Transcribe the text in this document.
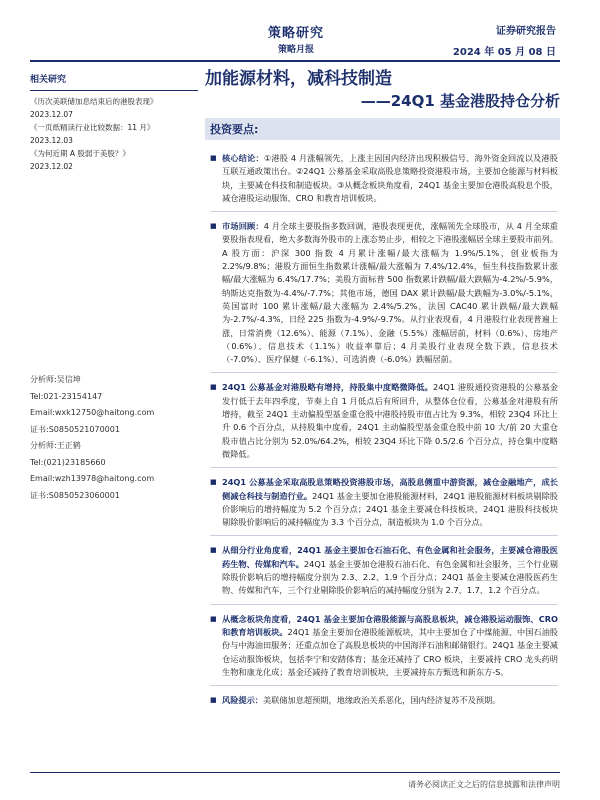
策略研究
策略月报
证券研究报告
2024 年 05 月 08 日
相关研究
《历次美联储加息结束后的港股表现》
2023.12.07
《一页纸精读行业比较数据：11 月》
2023.12.03
《为何近期 A 股弱于美股？》
2023.12.02
分析师:吴信坤
Tel:021-23154147
Email:wxk12750@haitong.com
证书:S0850521070001
分析师:王正鹤
Tel:(021)23185660
Email:wzh13978@haitong.com
证书:S0850523060001
加能源材料，减科技制造
——24Q1 基金港股持仓分析
投资要点:
■ 核心结论：①港股 4 月涨幅领先，上涨主因国内经济出现积极信号、海外资金回流以及港股互联互通政策出台。②24Q1 公募基金采取高股息策略投资港股市场，主要加仓能源与材料板块，主要减仓科技和制造板块。③从概念板块角度看，24Q1 基金主要加仓港股高股息个股，减仓港股运动服饰、CRO 和教育培训板块。
■ 市场回顾：4 月全球主要股指多数回调，港股表现更优，涨幅领先全球股市，从 4 月全球重要股指表现看，绝大多数海外股市的上涨态势止步，相较之下港股涨幅居全球主要股市前列。A 股方面：沪深 300 指数 4 月累计涨幅/最大涨幅为 1.9%/5.1%，创业板指为 2.2%/9.8%；港股方面恒生指数累计涨幅/最大涨幅为 7.4%/12.4%，恒生科技指数累计涨幅/最大涨幅为 6.4%/17.7%；美股方面标普 500 指数累计跌幅/最大跌幅为-4.2%/-5.9%，纳斯达克指数为-4.4%/-7.7%；其他市场，德国 DAX 累计跌幅/最大跌幅为-3.0%/-5.1%，英国富时 100 累计涨幅/最大涨幅为 2.4%/5.2%，法国 CAC40 累计跌幅/最大跌幅为-2.7%/-4.3%，日经 225 指数为-4.9%/-9.7%。从行业表现看，4 月港股行业表现普遍上涨，日常消费（12.6%）、能源（7.1%）、金融（5.5%）涨幅居前，材料（0.6%）、房地产（0.6%）、信息技术（1.1%）收益率靠后；4 月美股行业表现全数下跌，信息技术（-7.0%）、医疗保健（-6.1%）、可选消费（-6.0%）跌幅居前。
■ 24Q1 公募基金对港股略有增持，持股集中度略微降低。24Q1 港股通投资港股的公募基金发行低于去年四季度，节奏上自 1 月低点后有所回升，从整体仓位看，公募基金对港股有所增持，截至 24Q1 主动偏股型基金重仓股中港股持股市值占比为 9.3%，相较 23Q4 环比上升 0.6 个百分点，从持股集中度看，24Q1 主动偏股型基金重仓股中前 10 大/前 20 大重仓股市值占比分别为 52.0%/64.2%，相较 23Q4 环比下降 0.5/2.6 个百分点，持仓集中度略微降低。
■ 24Q1 公募基金采取高股息策略投资港股市场，高股息侧重中游资源，减仓金融地产，成长侧减仓科技与制造行业。24Q1 基金主要加仓港股能源材料，24Q1 港股能源材料板块剔除股价影响后的增持幅度为 5.2 个百分点；24Q1 基金主要减仓科技板块，24Q1 港股科技板块剔除股价影响后的减持幅度为 3.3 个百分点，制造板块为 1.0 个百分点。
■ 从细分行业角度看，24Q1 基金主要加仓石油石化、有色金属和社会服务，主要减仓港股医药生物、传媒和汽车。24Q1 基金主要加仓港股石油石化、有色金属和社会服务，三个行业剔除股价影响后的增持幅度分别为 2.3、2.2、1.9 个百分点；24Q1 基金主要减仓港股医药生物、传媒和汽车，三个行业剔除股价影响后的减持幅度分别为 2.7、1.7、1.2 个百分点。
■ 从概念板块角度看，24Q1 基金主要加仓港股能源与高股息板块，减仓港股运动服饰、CRO 和教育培训板块。24Q1 基金主要加仓港股能源板块，其中主要加仓了中煤能源、中国石油股份与中海油田服务；还重点加仓了高股息板块的中国海洋石油和邮储银行。24Q1 基金主要减仓运动服饰板块，包括李宁和安踏体育；基金还减持了 CRO 板块，主要减持 CRO 龙头药明生物和康龙化成；基金还减持了教育培训板块，主要减持东方甄选和新东方-S。
■ 风险提示：美联储加息超预期，地缘政治关系恶化，国内经济复苏不及预期。
请务必阅读正文之后的信息披露和法律声明
